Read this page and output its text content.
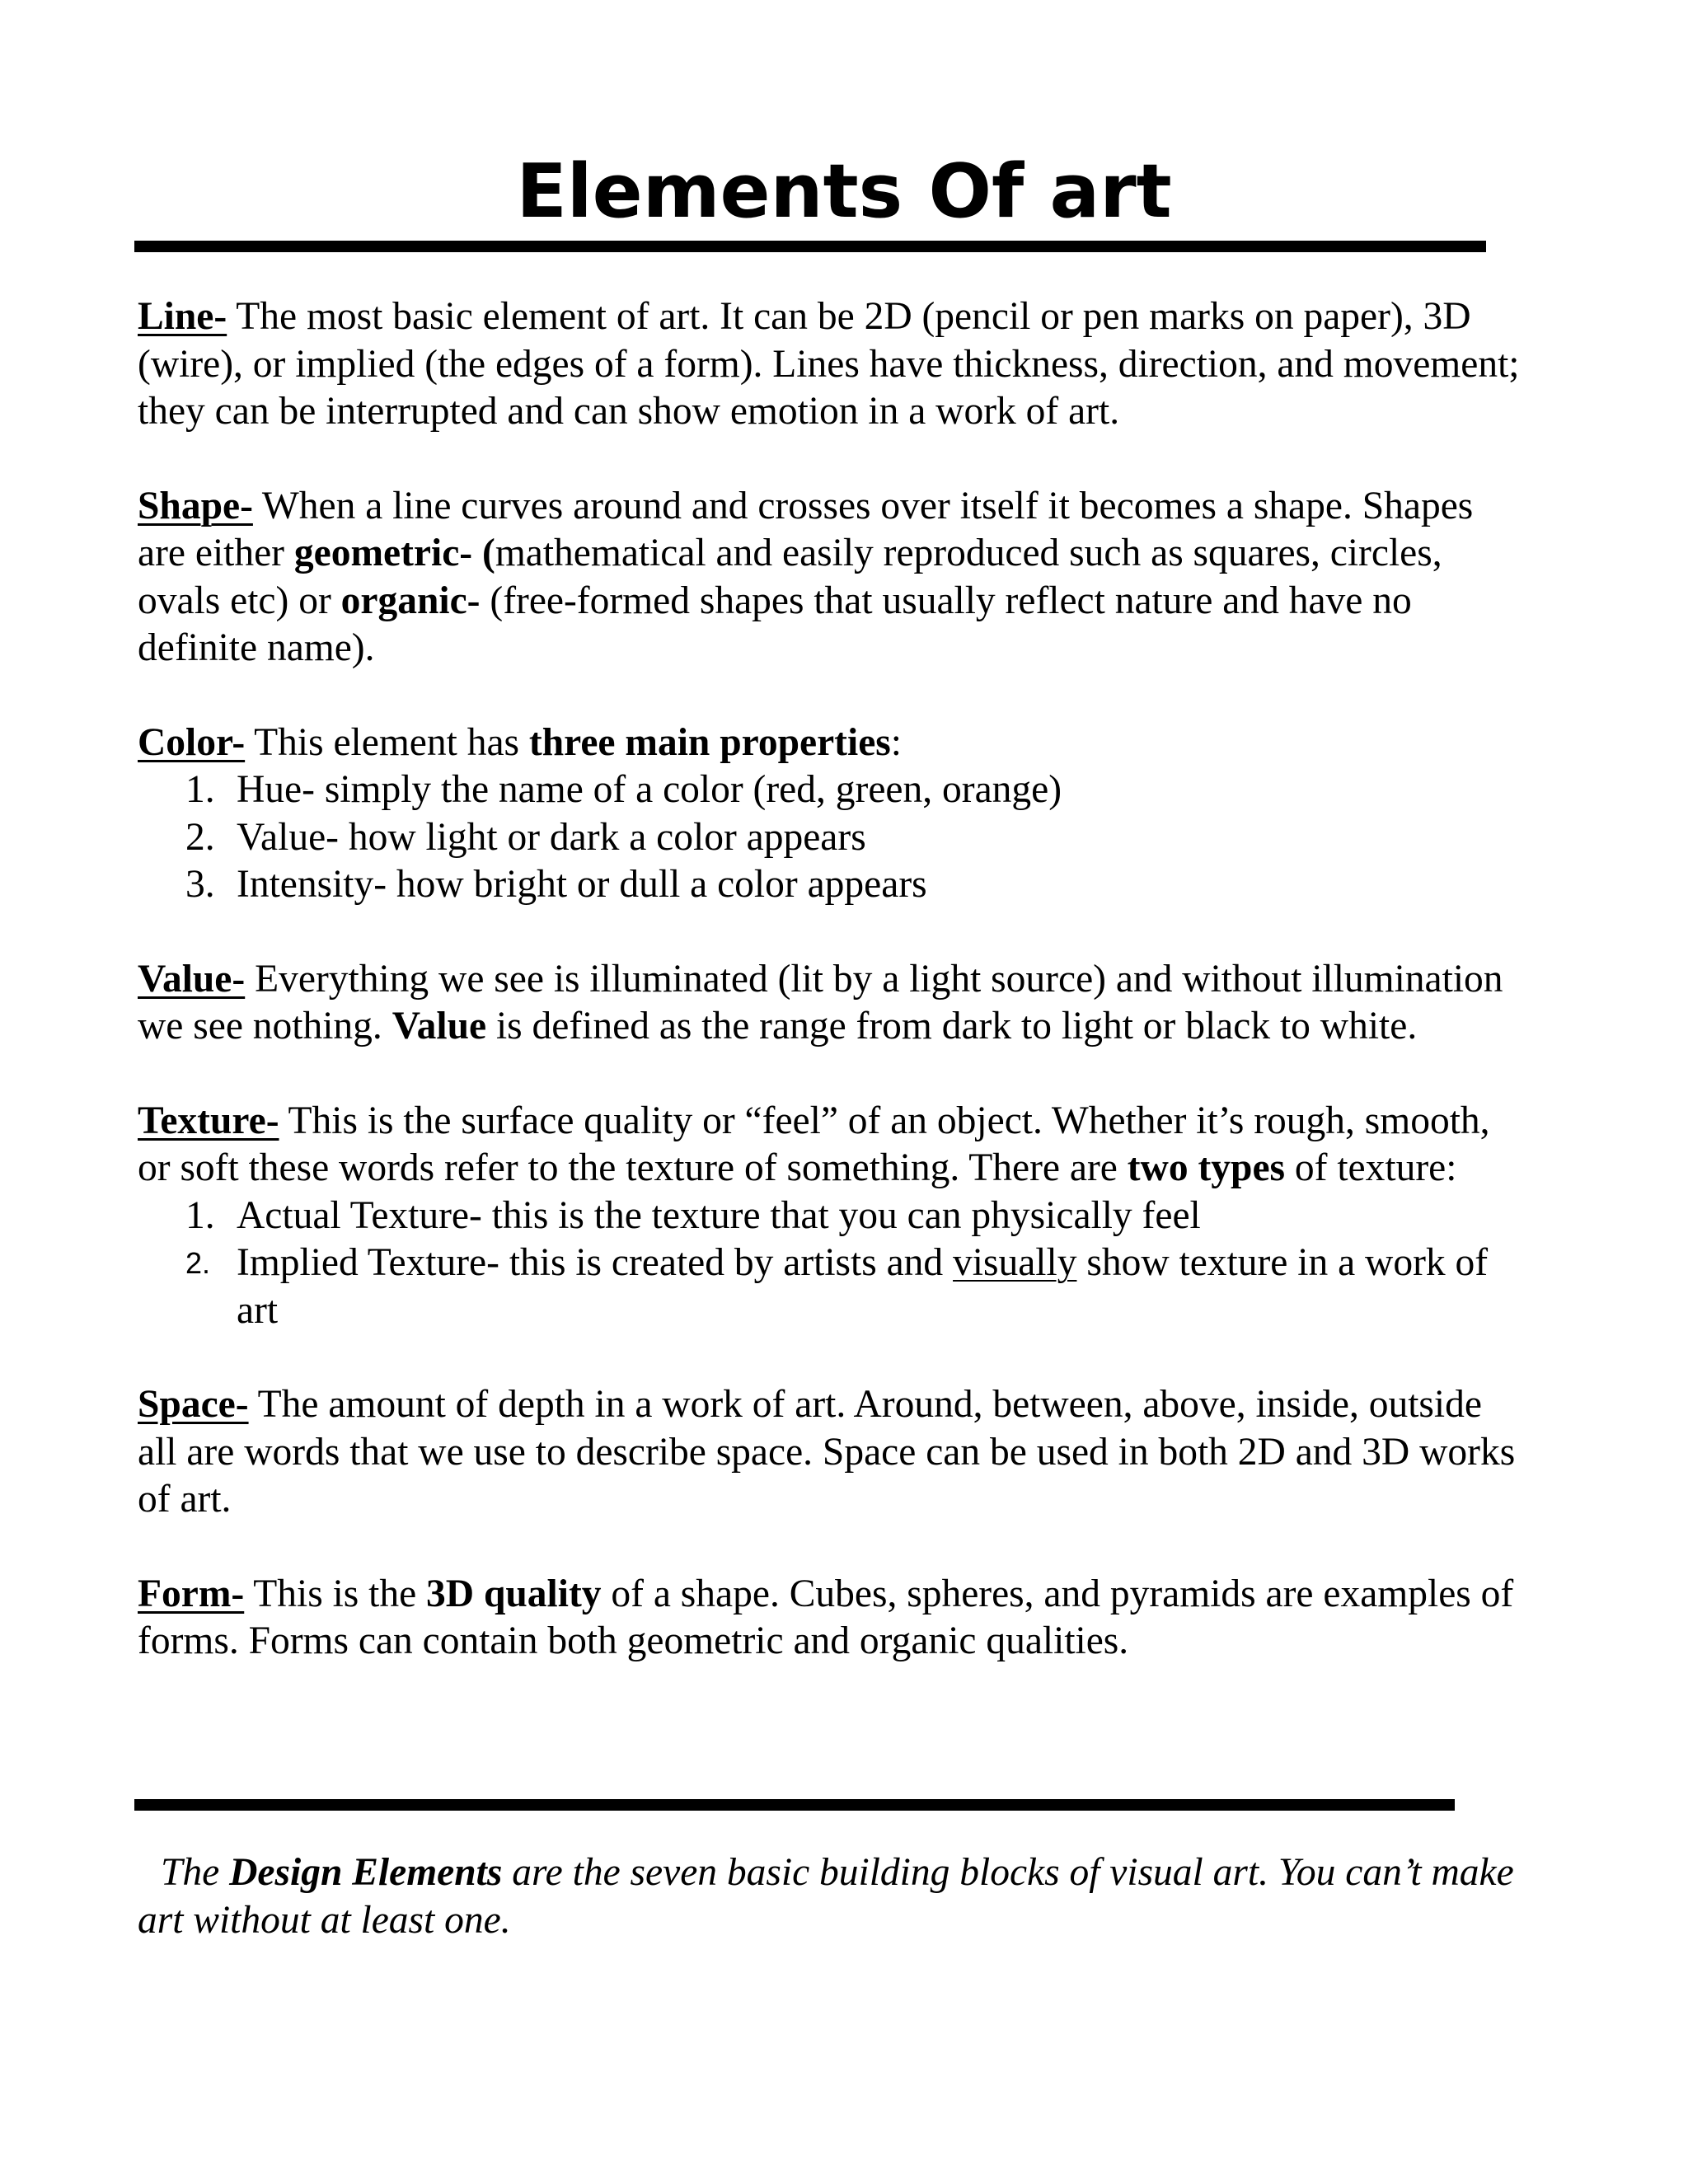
Elements Of art

Line- The most basic element of art. It can be 2D (pencil or pen marks on paper), 3D (wire), or implied (the edges of a form). Lines have thickness, direction, and movement; they can be interrupted and can show emotion in a work of art.

Shape- When a line curves around and crosses over itself it becomes a shape. Shapes are either geometric- (mathematical and easily reproduced such as squares, circles, ovals etc) or organic- (free-formed shapes that usually reflect nature and have no definite name).

Color- This element has three main properties:

1. Hue- simply the name of a color (red, green, orange)
2. Value- how light or dark a color appears
3. Intensity- how bright or dull a color appears

Value- Everything we see is illuminated (lit by a light source) and without illumination we see nothing. Value is defined as the range from dark to light or black to white.

Texture- This is the surface quality or “feel” of an object. Whether it’s rough, smooth, or soft these words refer to the texture of something. There are two types of texture:

1. Actual Texture- this is the texture that you can physically feel
2. Implied Texture- this is created by artists and visually show texture in a work of art

Space- The amount of depth in a work of art. Around, between, above, inside, outside all are words that we use to describe space. Space can be used in both 2D and 3D works of art.

Form- This is the 3D quality of a shape. Cubes, spheres, and pyramids are examples of forms. Forms can contain both geometric and organic qualities.

The Design Elements are the seven basic building blocks of visual art. You can’t make art without at least one.
